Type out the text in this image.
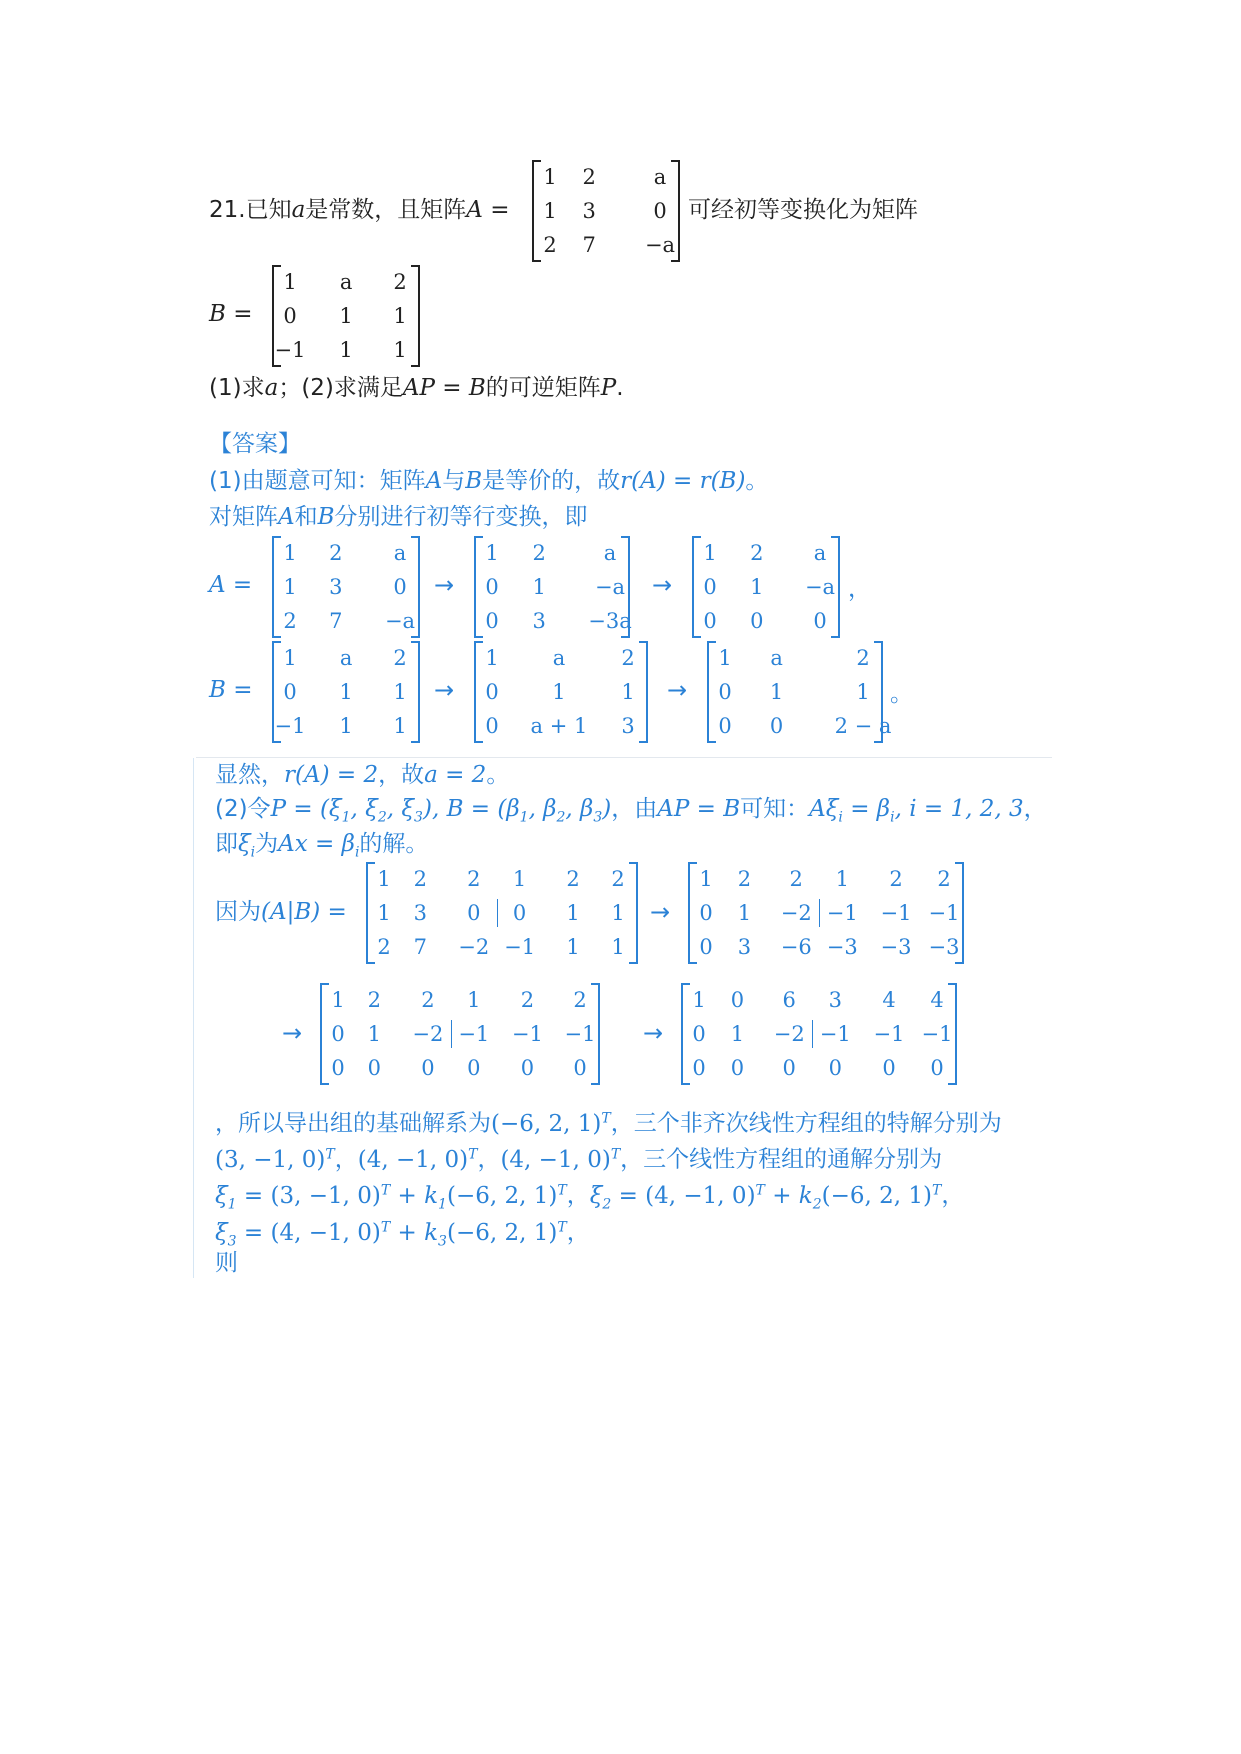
21.已知a是常数，且矩阵A =
1 2	a
1 3	0
2 7 −a
可经初等变换化为矩阵
B =
1 a 2
0 1 1
−1 1 1
(1)求a；(2)求满足AP = B的可逆矩阵P.
【答案】
(1)由题意可知：矩阵A与B是等价的，故r(A) = r(B)。
对矩阵A和B分别进行初等行变换，即
A =
1 2 a
1 3 0
2 7 −a
→
1 2	a
0 1 −a
0 3 −3a
→
1 2 a
0 1 −a
0 0 0
，
B =
1 a 2
0 1 1
−1 1 1
→
1	a	2
0	1	1
0 a + 1 3
→
1 a	2
0 1	1
0 0 2 − a
。
显然，r(A) = 2，故a = 2。
(2)令$P = (\xi_1$, $\xi_2$, $\xi_3$), $B = (\beta_1$, $\beta_2$, $\beta_3$)，由AP = B可知：$A\xi_i = \beta_i$, i = 1, 2, 3，
即$\xi_i$为$Ax = \beta_i$的解。
因为(A|B) =
1 2 2 1 2 2
1 3 0 0 1 1
2 7 −2 −1 1 1
→
1 2 2 1 2 2
0 1 −2 −1 −1 −1
0 3 −6 −3 −3 −3
→
1 2 2 1 2 2
0 1 −2 −1 −1 −1
0 0 0 0 0 0
→
1 0 6 3 4 4
0 1 −2 −1 −1 −1
0 0 0 0 0 0
，所以导出组的基础解系为(−6, 2, 1)$^T$，三个非齐次线性方程组的特解分别为
(3, −1, 0)$^T$，(4, −1, 0)$^T$，(4, −1, 0)$^T$，三个线性方程组的通解分别为
$\xi_1 = (3$, −1, $0)^T + k_1(-6$, 2, 1)$^T$，$\xi_2 = (4$, −1, $0)^T + k_2(-6$, 2, 1)$^T$，
$\xi_3 = (4$, −1, $0)^T + k_3(-6$, 2, 1)$^T$，
则
